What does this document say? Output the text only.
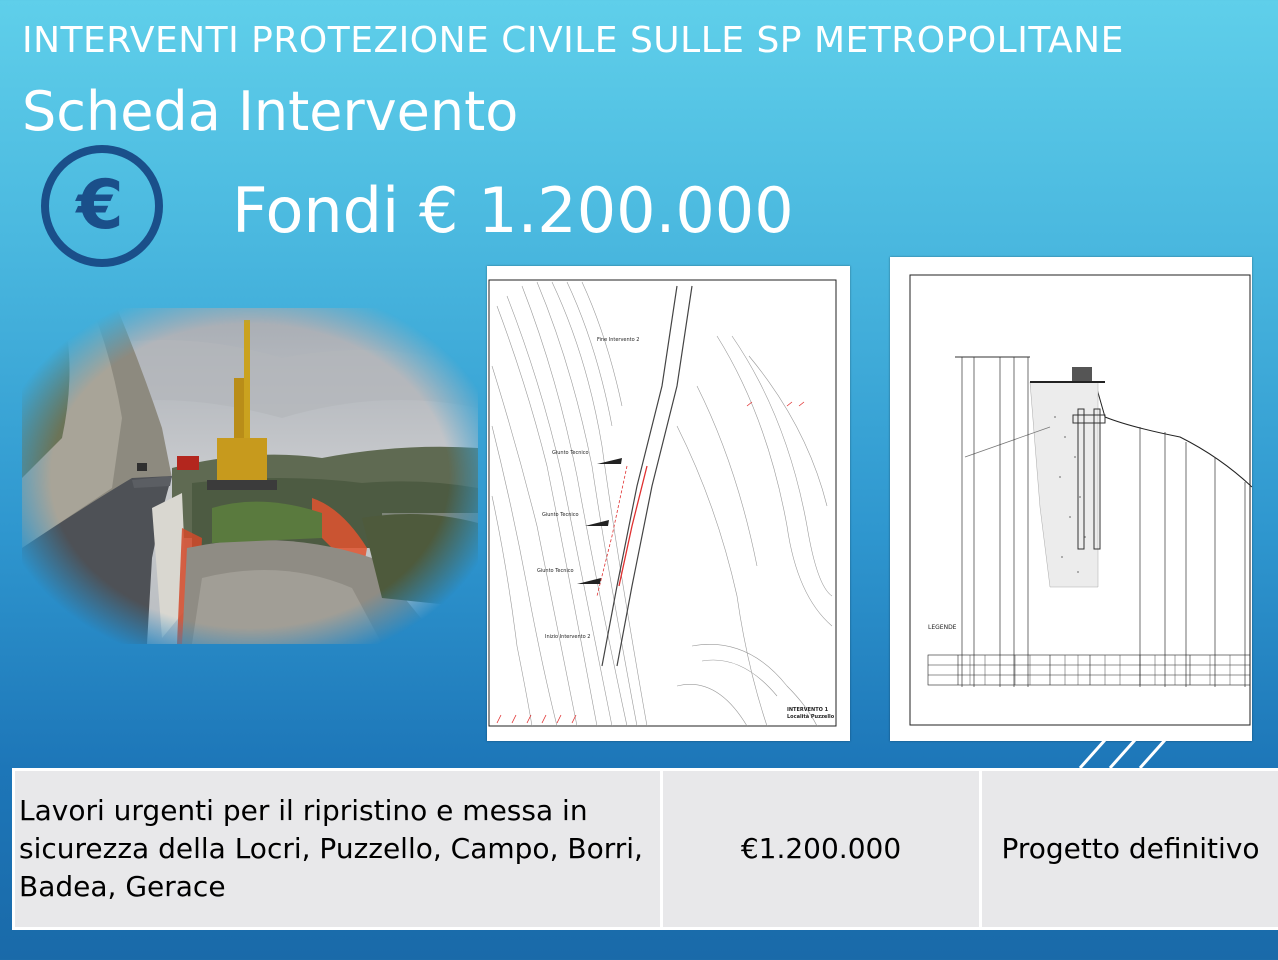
INTERVENTI PROTEZIONE CIVILE SULLE SP METROPOLITANE
Scheda Intervento
€ Fondi € 1.200.000
Fine Intervento 2
Giunto Tecnico
Giunto Tecnico
Giunto Tecnico
Inizio Intervento 2
INTERVENTO 1
Località Puzzello
LEGENDE
Lavori urgenti per il ripristino e messa in sicurezza della Locri, Puzzello, Campo, Borri, Badea, Gerace	€1.200.000	Progetto definitivo
